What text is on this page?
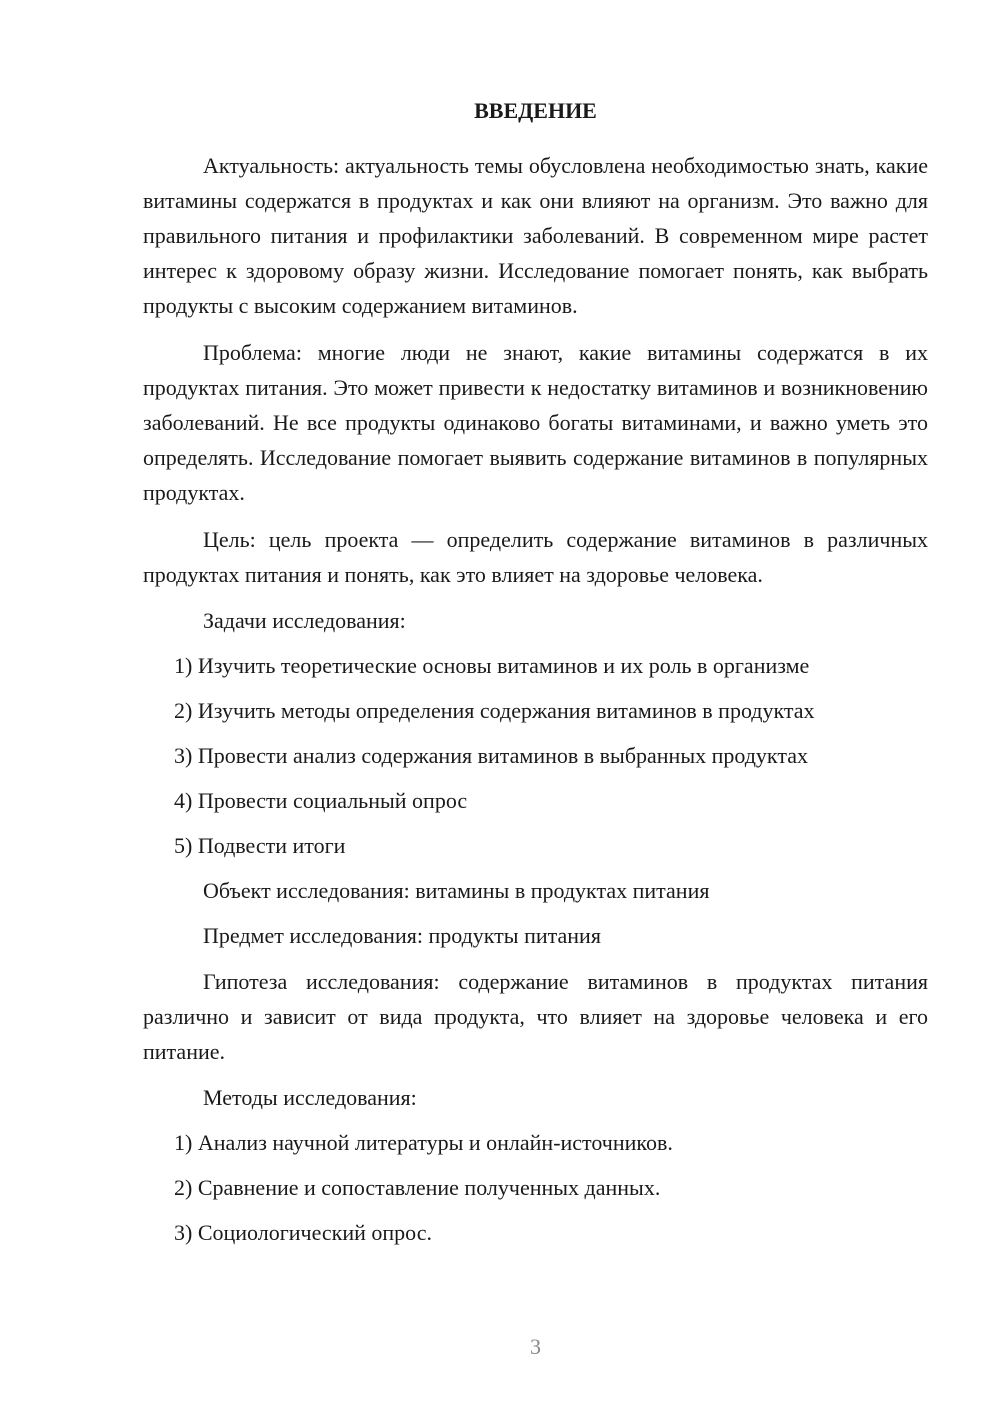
ВВЕДЕНИЕ

Актуальность: актуальность темы обусловлена необходимостью знать, какие витамины содержатся в продуктах и как они влияют на организм. Это важно для правильного питания и профилактики заболеваний. В современном мире растет интерес к здоровому образу жизни. Исследование помогает понять, как выбрать продукты с высоким содержанием витаминов.

Проблема: многие люди не знают, какие витамины содержатся в их продуктах питания. Это может привести к недостатку витаминов и возникновению заболеваний. Не все продукты одинаково богаты витаминами, и важно уметь это определять. Исследование помогает выявить содержание витаминов в популярных продуктах.

Цель: цель проекта — определить содержание витаминов в различных продуктах питания и понять, как это влияет на здоровье человека.

Задачи исследования:
1) Изучить теоретические основы витаминов и их роль в организме
2) Изучить методы определения содержания витаминов в продуктах
3) Провести анализ содержания витаминов в выбранных продуктах
4) Провести социальный опрос
5) Подвести итоги
Объект исследования: витамины в продуктах питания
Предмет исследования: продукты питания

Гипотеза исследования: содержание витаминов в продуктах питания различно и зависит от вида продукта, что влияет на здоровье человека и его питание.

Методы исследования:
1) Анализ научной литературы и онлайн-источников.
2) Сравнение и сопоставление полученных данных.
3) Социологический опрос.
3
